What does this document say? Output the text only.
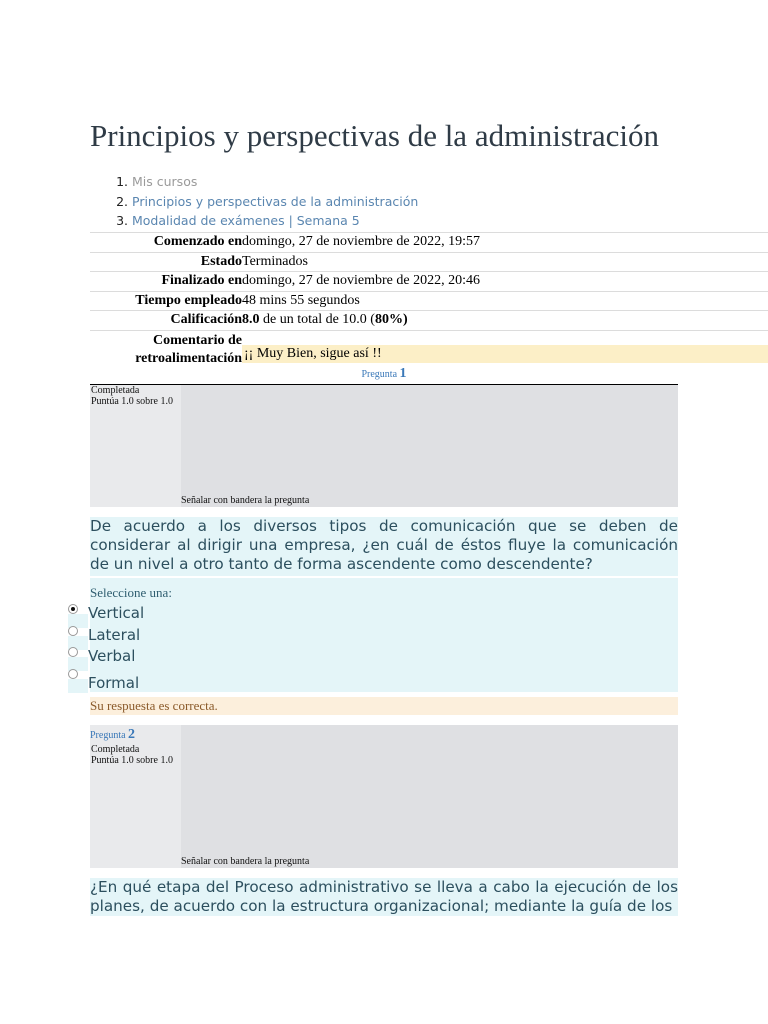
Principios y perspectivas de la administración
1. Mis cursos
2. Principios y perspectivas de la administración
3. Modalidad de exámenes | Semana 5
Comenzado en	domingo, 27 de noviembre de 2022, 19:57
Estado	Terminados
Finalizado en	domingo, 27 de noviembre de 2022, 20:46
Tiempo empleado	48 mins 55 segundos
Calificación	8.0 de un total de 10.0 (80%)
Comentario de retroalimentación	¡¡ Muy Bien, sigue así !!
Pregunta 1
Completada
Puntúa 1.0 sobre 1.0
Señalar con bandera la pregunta
De acuerdo a los diversos tipos de comunicación que se deben de considerar al dirigir una empresa, ¿en cuál de éstos fluye la comunicación de un nivel a otro tanto de forma ascendente como descendente?
Seleccione una:
Vertical
Lateral
Verbal
Formal
Su respuesta es correcta.
Completada
Puntúa 1.0 sobre 1.0
Señalar con bandera la pregunta
Pregunta 2
¿En qué etapa del Proceso administrativo se lleva a cabo la ejecución de los planes, de acuerdo con la estructura organizacional; mediante la guía de los
